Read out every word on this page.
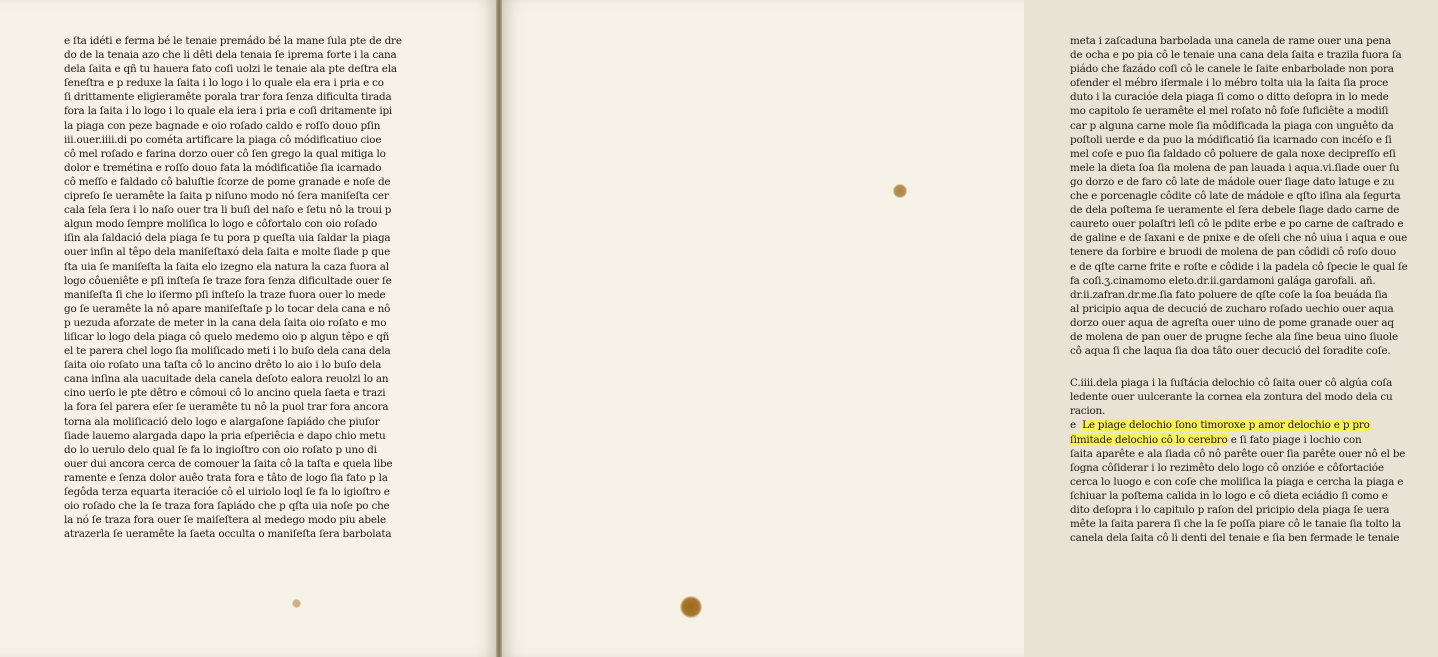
e ſta idéti e ferma bé le tenaie premádo bé la mane ſula pte de dre
do de la tenaia azo che li dêti dela tenaia ſe iprema forte i la cana
dela ſaita e qñ tu hauera fato coſi uolzi le tenaie ala pte deſtra ela
ſeneſtra e p reduxe la ſaita i lo logo i lo quale ela era i pria e co
ſi drittamente eligieramête porala trar fora ſenza dificulta tirada
fora la ſaita i lo logo i lo quale ela iera i pria e coſi dritamente ipi
la piaga con peze bagnade e oio roſado caldo e roſſo douo pſin
iii.ouer.iiii.di po cométa artificare la piaga cô módificatiuo cioe
cô mel roſado e farina dorzo ouer cô ſen grego la qual mitiga lo
dolor e tremétina e roſſo douo fata la módificatiôe ſia icarnado
cô meſſo e faldado cô baluſtie ſcorze de pome granade e noſe de
cipreſo ſe ueramête la ſaita p niſuno modo nó ſera maniſeſta cer
cala ſela ſera i lo naſo ouer tra li buſi del naſo e ſetu nô la troui p
algun modo ſempre moliſica lo logo e côfortalo con oio roſado
iſin ala ſaldació dela piaga ſe tu pora p queſta uia ſaldar la piaga
ouer inſin al têpo dela maniſeſtaxó dela ſaita e molte ſiade p que
ſta uia ſe maniſeſta la ſaita elo izegno ela natura la caza fuora al
logo côueniête e pſi inſteſa ſe traze fora ſenza dificultade ouer ſe
maniſeſta ſi che lo iſermo pſi inſteſo la traze fuora ouer lo mede
go ſe ueramête la nô apare maniſeſtaſe p lo tocar dela cana e nô
p uezuda aforzate de meter in la cana dela ſaita oio roſato e mo
liſicar lo logo dela piaga cô quelo medemo oio p algun têpo e qñ
el te parera chel logo ſia moliſicado meti i lo buſo dela cana dela
ſaita oio roſato una taſta cô lo ancino drêto lo aio i lo buſo dela
cana inſina ala uacuitade dela canela deſoto ealora reuolzi lo an
cino uerſo le pte dêtro e cômoui cô lo ancino quela ſaeta e trazi
la fora ſel parera eſer ſe ueramête tu nô la puol trar fora ancora
torna ala moliſicació delo logo e alargaſone ſapiádo che piuſor
ſiade lauemo alargada dapo la pria eſperiêcia e dapo chio metu
do lo uerulo delo qual ſe fa lo ingioſtro con oio roſato p uno di
ouer dui ancora cerca de comouer la ſaita cô la taſta e quela libe
ramente e ſenza dolor auêo trata fora e tâto de logo ſia fato p la
ſegôda terza equarta iteracióe cô el uiriolo loql ſe fa lo igioſtro e
oio roſado che la ſe traza fora ſapiádo che p qſta uia noſe po che
la nó ſe traza fora ouer ſe maiſeſtera al medego modo piu abele
atrazerla ſe ueramête la ſaeta occulta o maniſeſta ſera barbolata
meta i zaſcaduna barbolada una canela de rame ouer una pena
de ocha e po pia cô le tenaie una cana dela ſaita e trazila fuora ſa
piádo che fazádo coſi cô le canele le ſaite enbarbolade non pora
ofender el mébro iſermale i lo mébro tolta uia la ſaita ſia proce
duto i la curacióe dela piaga ſi como o ditto deſopra in lo mede
mo capitolo ſe ueramête el mel roſato nô foſe ſuficiête a modiſi
car p alguna carne mole ſia môdificada la piaga con unguêto da
poſtoli uerde e da puo la módificatió ſia icarnado con incéſo e ſi
mel coſe e puo ſia ſaldado cô poluere de gala noxe decipreſſo eſi
mele la dieta ſoa ſia molena de pan lauada i aqua.vi.ſiade ouer ſu
go dorzo e de faro cô late de mádole ouer ſiage dato latuge e zu
che e porcenagle côdite cô late de mádole e qſto iſina ala ſegurta
de dela poſtema ſe ueramente el ſera debele ſiage dado carne de
caureto ouer polaſtri leſi cô le pdite erbe e po carne de caſtrado e
de galine e de ſaxani e de pnixe e de oſeli che nô uiua i aqua e oue
tenere da ſorbire e bruodi de molena de pan côdidi cô roſo douo
e de qſte carne frite e roſte e côdide i la padela cô ſpecie le qual ſe
fa coſi.ʒ.cinamomo eleto.dr.ii.gardamoni galága garofali. añ.
dr.ii.zafran.dr.me.ſia fato poluere de qſte coſe la ſoa beuáda ſia
al pricipio aqua de decució de zucharo roſado uechio ouer aqua
dorzo ouer aqua de agreſta ouer uino de pome granade ouer aq
de molena de pan ouer de prugne ſeche ala ſine beua uino ſiuole
cô aqua ſi che laqua ſia doa tâto ouer decució del ſoradite coſe.
C.iiii.dela piaga i la ſuſtácia delochio cô ſaita ouer cô algúa coſa
ledente ouer uulcerante la cornea ela zontura del modo dela cu
racion.
e Le piage delochio ſono timoroxe p amor delochio e p pro
ſimitade delochio cô lo cerebro e ſi fato piage i lochio con
ſaita aparête e ala ſiada cô nô parête ouer ſia parête ouer nô el be
ſogna côſiderar i lo rezimêto delo logo cô onzióe e côfortacióe
cerca lo luogo e con coſe che moliſica la piaga e cercha la piaga e
ſchiuar la poſtema calida in lo logo e cô dieta eciádio ſi como e
dito deſopra i lo capitulo p raſon del pricipio dela piaga ſe uera
mête la ſaita parera ſi che la ſe poſſa piare cô le tanaie ſia tolto la
canela dela ſaita cô li denti del tenaie e ſia ben fermade le tenaie
